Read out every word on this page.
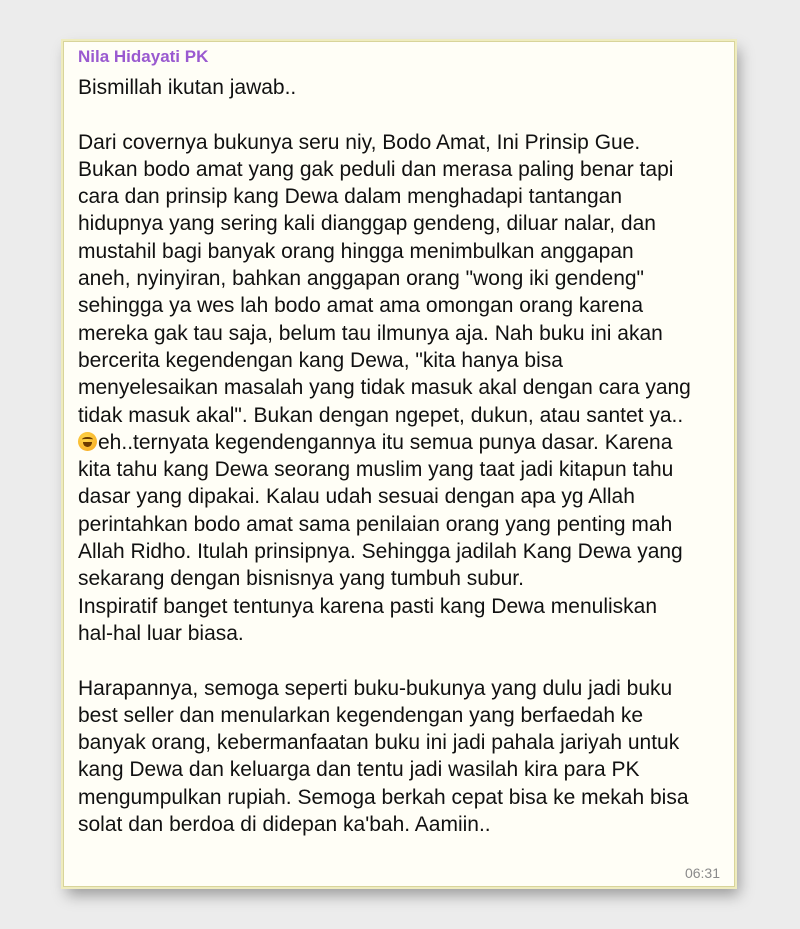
Nila Hidayati PK

Bismillah ikutan jawab..
Dari covernya bukunya seru niy, Bodo Amat, Ini Prinsip Gue.
Bukan bodo amat yang gak peduli dan merasa paling benar tapi
cara dan prinsip kang Dewa dalam menghadapi tantangan
hidupnya yang sering kali dianggap gendeng, diluar nalar, dan
mustahil bagi banyak orang hingga menimbulkan anggapan
aneh, nyinyiran, bahkan anggapan orang "wong iki gendeng"
sehingga ya wes lah bodo amat ama omongan orang karena
mereka gak tau saja, belum tau ilmunya aja. Nah buku ini akan
bercerita kegendengan kang Dewa, "kita hanya bisa
menyelesaikan masalah yang tidak masuk akal dengan cara yang
tidak masuk akal". Bukan dengan ngepet, dukun, atau santet ya..
eh..ternyata kegendengannya itu semua punya dasar. Karena
kita tahu kang Dewa seorang muslim yang taat jadi kitapun tahu
dasar yang dipakai. Kalau udah sesuai dengan apa yg Allah
perintahkan bodo amat sama penilaian orang yang penting mah
Allah Ridho. Itulah prinsipnya. Sehingga jadilah Kang Dewa yang
sekarang dengan bisnisnya yang tumbuh subur.
Inspiratif banget tentunya karena pasti kang Dewa menuliskan
hal-hal luar biasa.
Harapannya, semoga seperti buku-bukunya yang dulu jadi buku
best seller dan menularkan kegendengan yang berfaedah ke
banyak orang, kebermanfaatan buku ini jadi pahala jariyah untuk
kang Dewa dan keluarga dan tentu jadi wasilah kira para PK
mengumpulkan rupiah. Semoga berkah cepat bisa ke mekah bisa
solat dan berdoa di didepan ka'bah. Aamiin..
06:31
